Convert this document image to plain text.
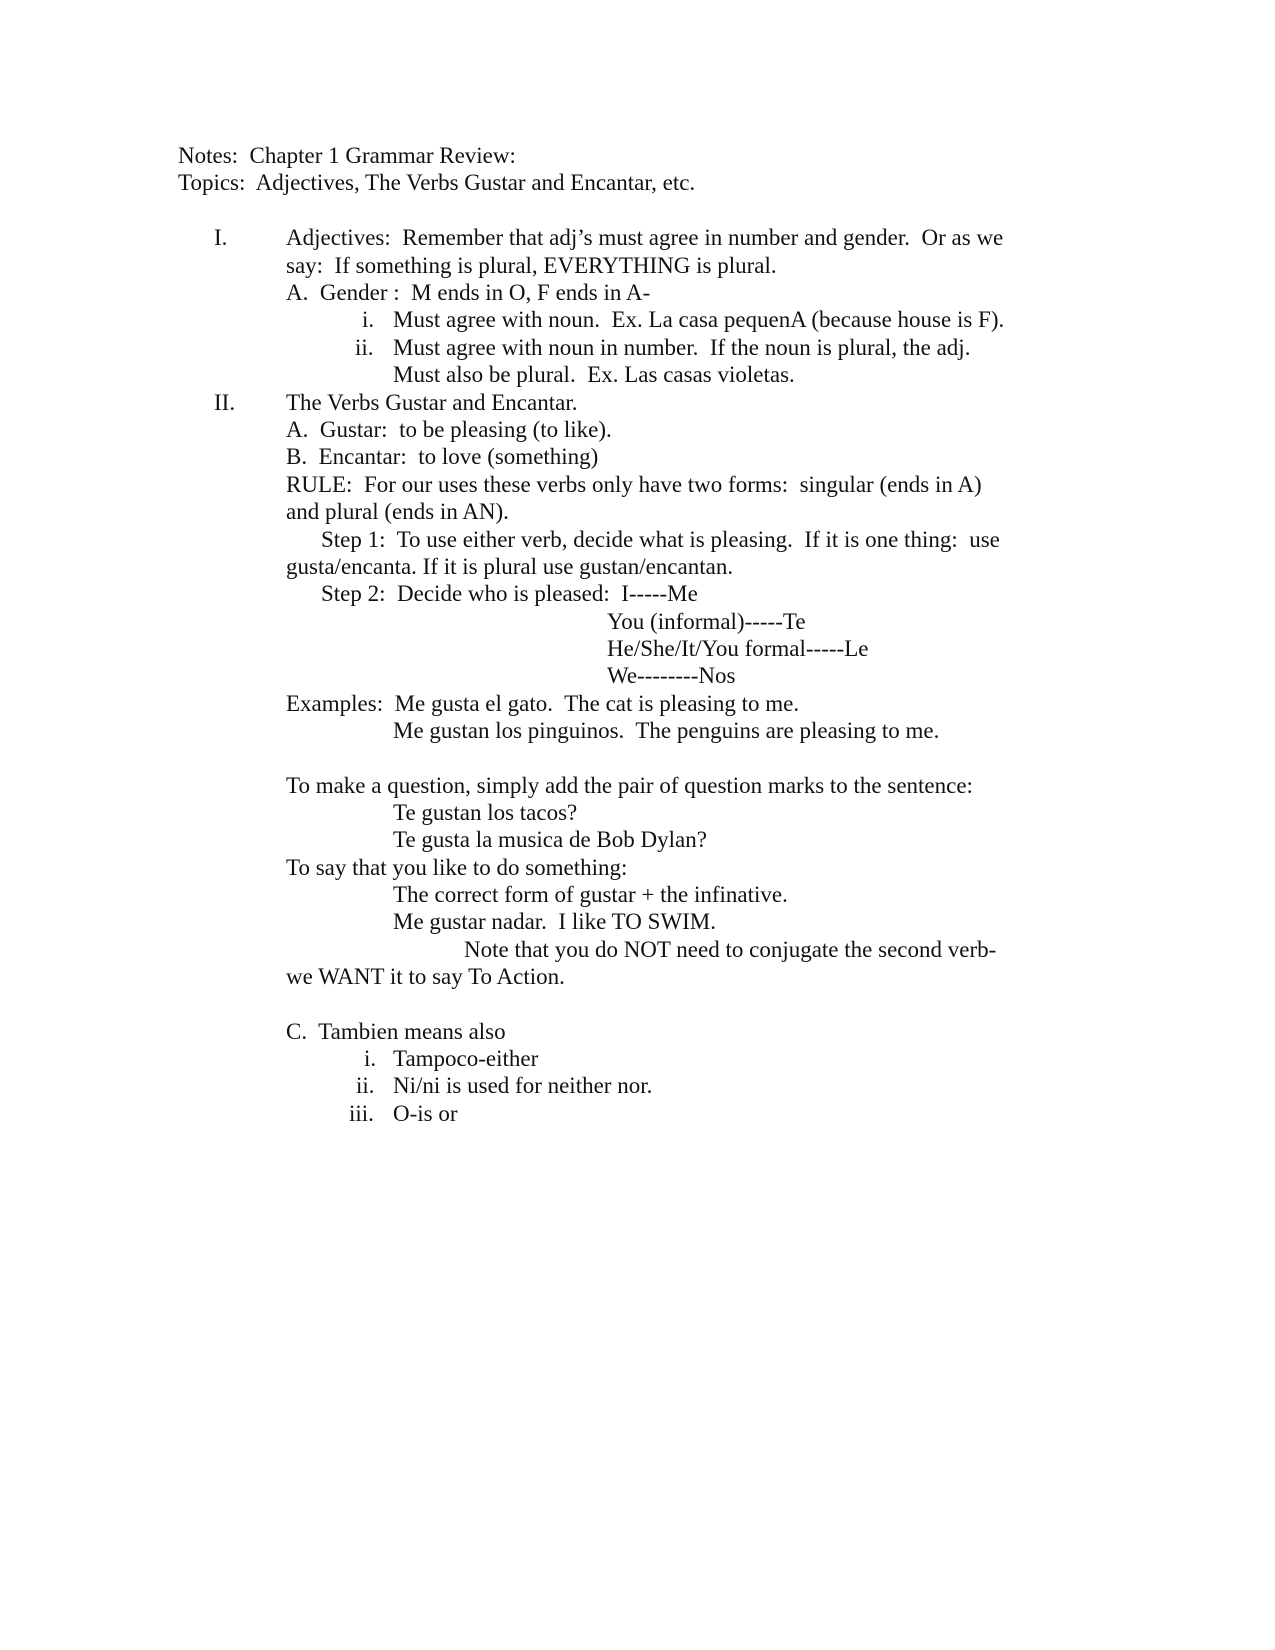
Notes:  Chapter 1 Grammar Review:
Topics:  Adjectives, The Verbs Gustar and Encantar, etc.
I.	Adjectives:  Remember that adj’s must agree in number and gender.  Or as we
say:  If something is plural, EVERYTHING is plural.
A.  Gender :  M ends in O, F ends in A-
i. Must agree with noun.  Ex. La casa pequenA (because house is F).
ii. Must agree with noun in number.  If the noun is plural, the adj.
Must also be plural.  Ex. Las casas violetas.
II. The Verbs Gustar and Encantar.
A.  Gustar:  to be pleasing (to like).
B.  Encantar:  to love (something)
RULE:  For our uses these verbs only have two forms:  singular (ends in A)
and plural (ends in AN).
Step 1:  To use either verb, decide what is pleasing.  If it is one thing:  use
gusta/encanta. If it is plural use gustan/encantan.
Step 2:  Decide who is pleased:  I-----Me
You (informal)-----Te
He/She/It/You formal-----Le
We--------Nos
Examples:  Me gusta el gato.  The cat is pleasing to me.
Me gustan los pinguinos.  The penguins are pleasing to me.
To make a question, simply add the pair of question marks to the sentence:
Te gustan los tacos?
Te gusta la musica de Bob Dylan?
To say that you like to do something:
The correct form of gustar + the infinative.
Me gustar nadar.  I like TO SWIM.
Note that you do NOT need to conjugate the second verb-
we WANT it to say To Action.
C.  Tambien means also
i. Tampoco-either
ii. Ni/ni is used for neither nor.
iii. O-is or
